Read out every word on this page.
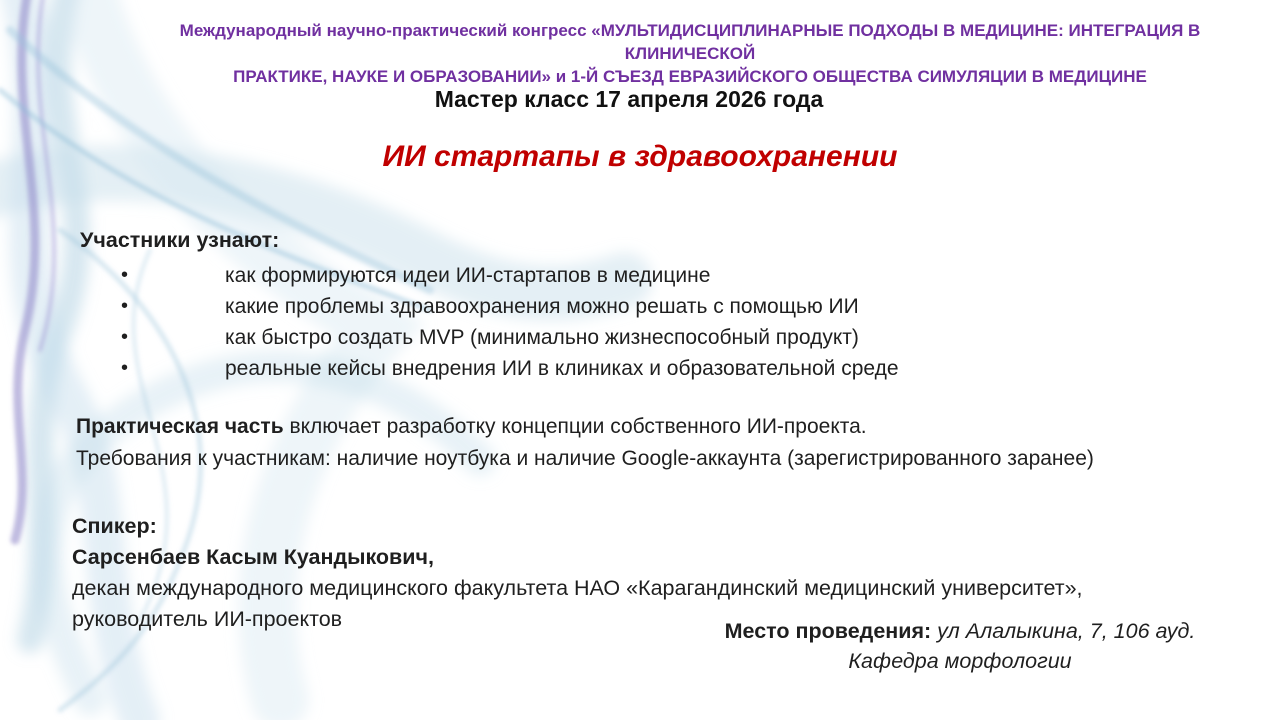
Международный научно-практический конгресс «МУЛЬТИДИСЦИПЛИНАРНЫЕ ПОДХОДЫ В МЕДИЦИНЕ: ИНТЕГРАЦИЯ В КЛИНИЧЕСКОЙ
ПРАКТИКЕ, НАУКЕ И ОБРАЗОВАНИИ» и 1-Й СЪЕЗД ЕВРАЗИЙСКОГО ОБЩЕСТВА СИМУЛЯЦИИ В МЕДИЦИНЕ
Мастер класс 17 апреля 2026 года
ИИ стартапы в здравоохранении
Участники узнают:
•	как формируются идеи ИИ-стартапов в медицине
•	какие проблемы здравоохранения можно решать с помощью ИИ
•	как быстро создать MVP (минимально жизнеспособный продукт)
•	реальные кейсы внедрения ИИ в клиниках и образовательной среде

Практическая часть включает разработку концепции собственного ИИ-проекта.

Требования к участникам: наличие ноутбука и наличие Google-аккаунта (зарегистрированного заранее)

Спикер:

Сарсенбаев Касым Куандыкович,

декан международного медицинского факультета НАО «Карагандинский медицинский университет»,

руководитель ИИ-проектов	Место проведения: ул Алалыкина, 7, 106 ауд.

Кафедра морфологии
